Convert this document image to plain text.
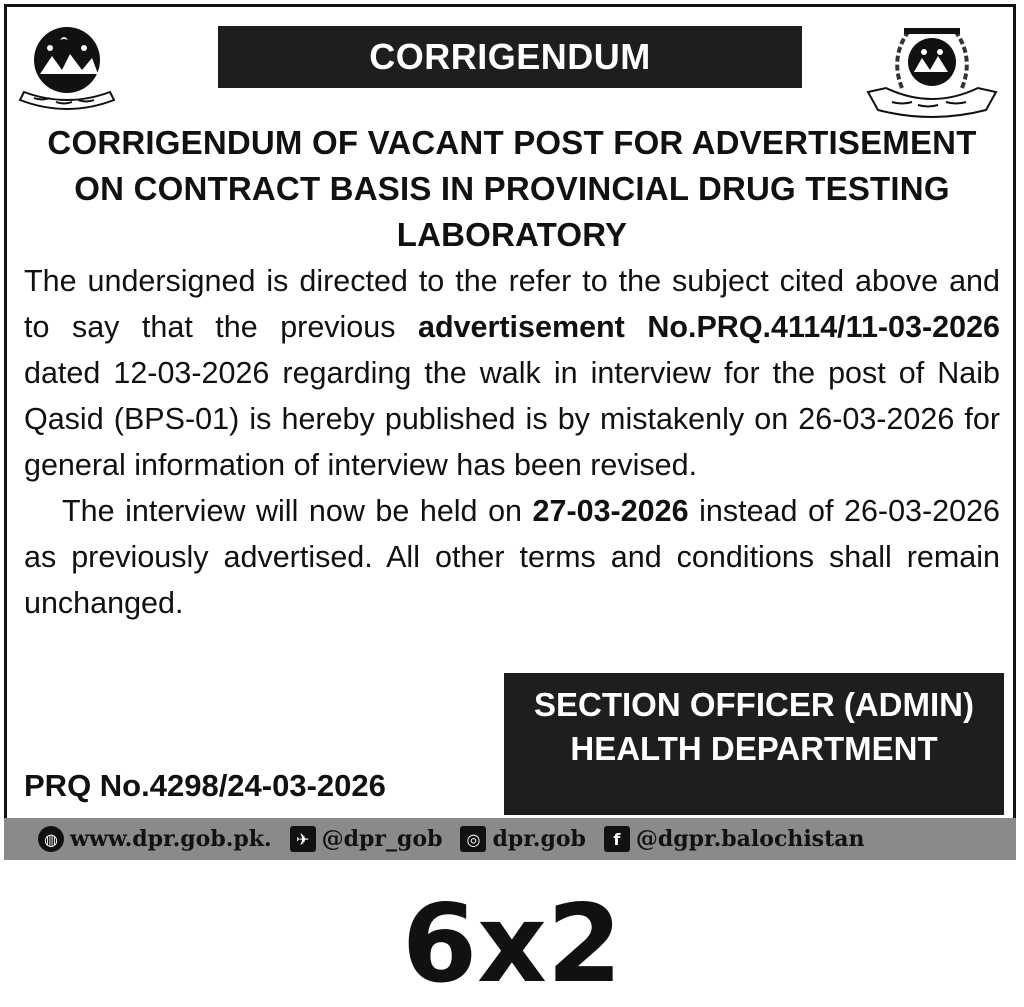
CORRIGENDUM
CORRIGENDUM OF VACANT POST FOR ADVERTISEMENT
ON CONTRACT BASIS IN PROVINCIAL DRUG TESTING
LABORATORY

The undersigned is directed to the refer to the subject cited above and to say that the previous advertisement No.PRQ.4114/11-03-2026 dated 12-03-2026 regarding the walk in interview for the post of Naib Qasid (BPS-01) is hereby published is by mistakenly on 26-03-2026 for general information of interview has been revised.

The interview will now be held on 27-03-2026 instead of 26-03-2026 as previously advertised. All other terms and conditions shall remain unchanged.

SECTION OFFICER (ADMIN)
HEALTH DEPARTMENT
PRQ No.4298/24-03-2026
◍ www.dpr.gob.pk.	✈ @dpr_gob	◎ dpr.gob	f @dgpr.balochistan
6x2
